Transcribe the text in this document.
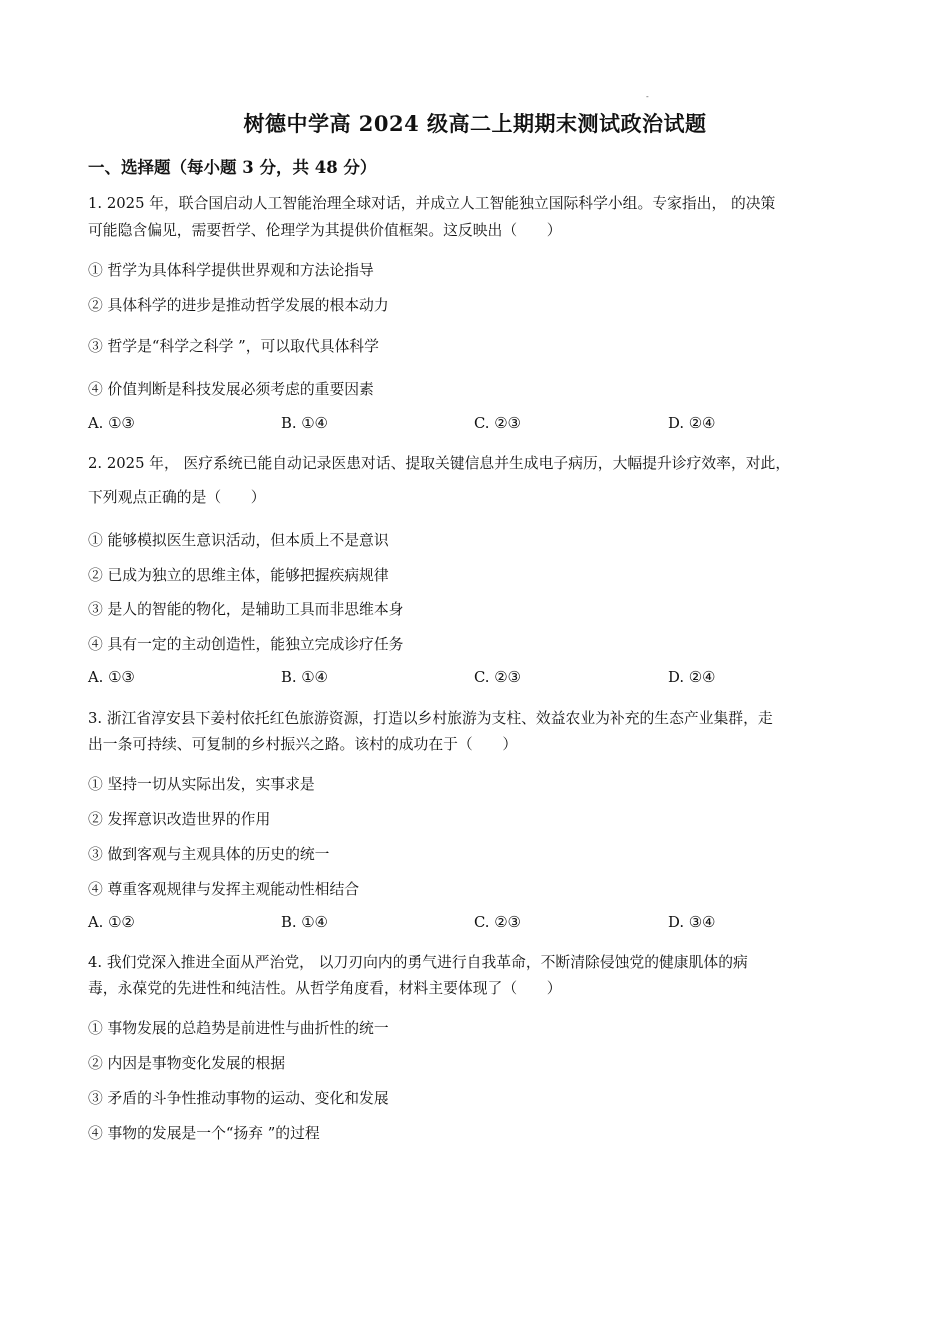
-
树德中学高 2024 级高二上期期末测试政治试题
一、选择题（每小题 3 分，共 48 分）
1. 2025 年，联合国启动人工智能治理全球对话，并成立人工智能独立国际科学小组。专家指出， 的决策
可能隐含偏见，需要哲学、伦理学为其提供价值框架。这反映出（　　）
① 哲学为具体科学提供世界观和方法论指导
② 具体科学的进步是推动哲学发展的根本动力
③ 哲学是“科学之科学 ”，可以取代具体科学
④ 价值判断是科技发展必须考虑的重要因素
A. ①③	B. ①④	C. ②③	D. ②④
2. 2025 年， 医疗系统已能自动记录医患对话、提取关键信息并生成电子病历，大幅提升诊疗效率，对此，
下列观点正确的是（　　）
① 能够模拟医生意识活动，但本质上不是意识
② 已成为独立的思维主体，能够把握疾病规律
③ 是人的智能的物化，是辅助工具而非思维本身
④ 具有一定的主动创造性，能独立完成诊疗任务
A. ①③	B. ①④	C. ②③	D. ②④
3. 浙江省淳安县下姜村依托红色旅游资源，打造以乡村旅游为支柱、效益农业为补充的生态产业集群，走
出一条可持续、可复制的乡村振兴之路。该村的成功在于（　　）
① 坚持一切从实际出发，实事求是
② 发挥意识改造世界的作用
③ 做到客观与主观具体的历史的统一
④ 尊重客观规律与发挥主观能动性相结合
A. ①②	B. ①④	C. ②③	D. ③④
4. 我们党深入推进全面从严治党， 以刀刃向内的勇气进行自我革命，不断清除侵蚀党的健康肌体的病
毒，永葆党的先进性和纯洁性。从哲学角度看，材料主要体现了（　　）
① 事物发展的总趋势是前进性与曲折性的统一
② 内因是事物变化发展的根据
③ 矛盾的斗争性推动事物的运动、变化和发展
④ 事物的发展是一个“扬弃 ”的过程
